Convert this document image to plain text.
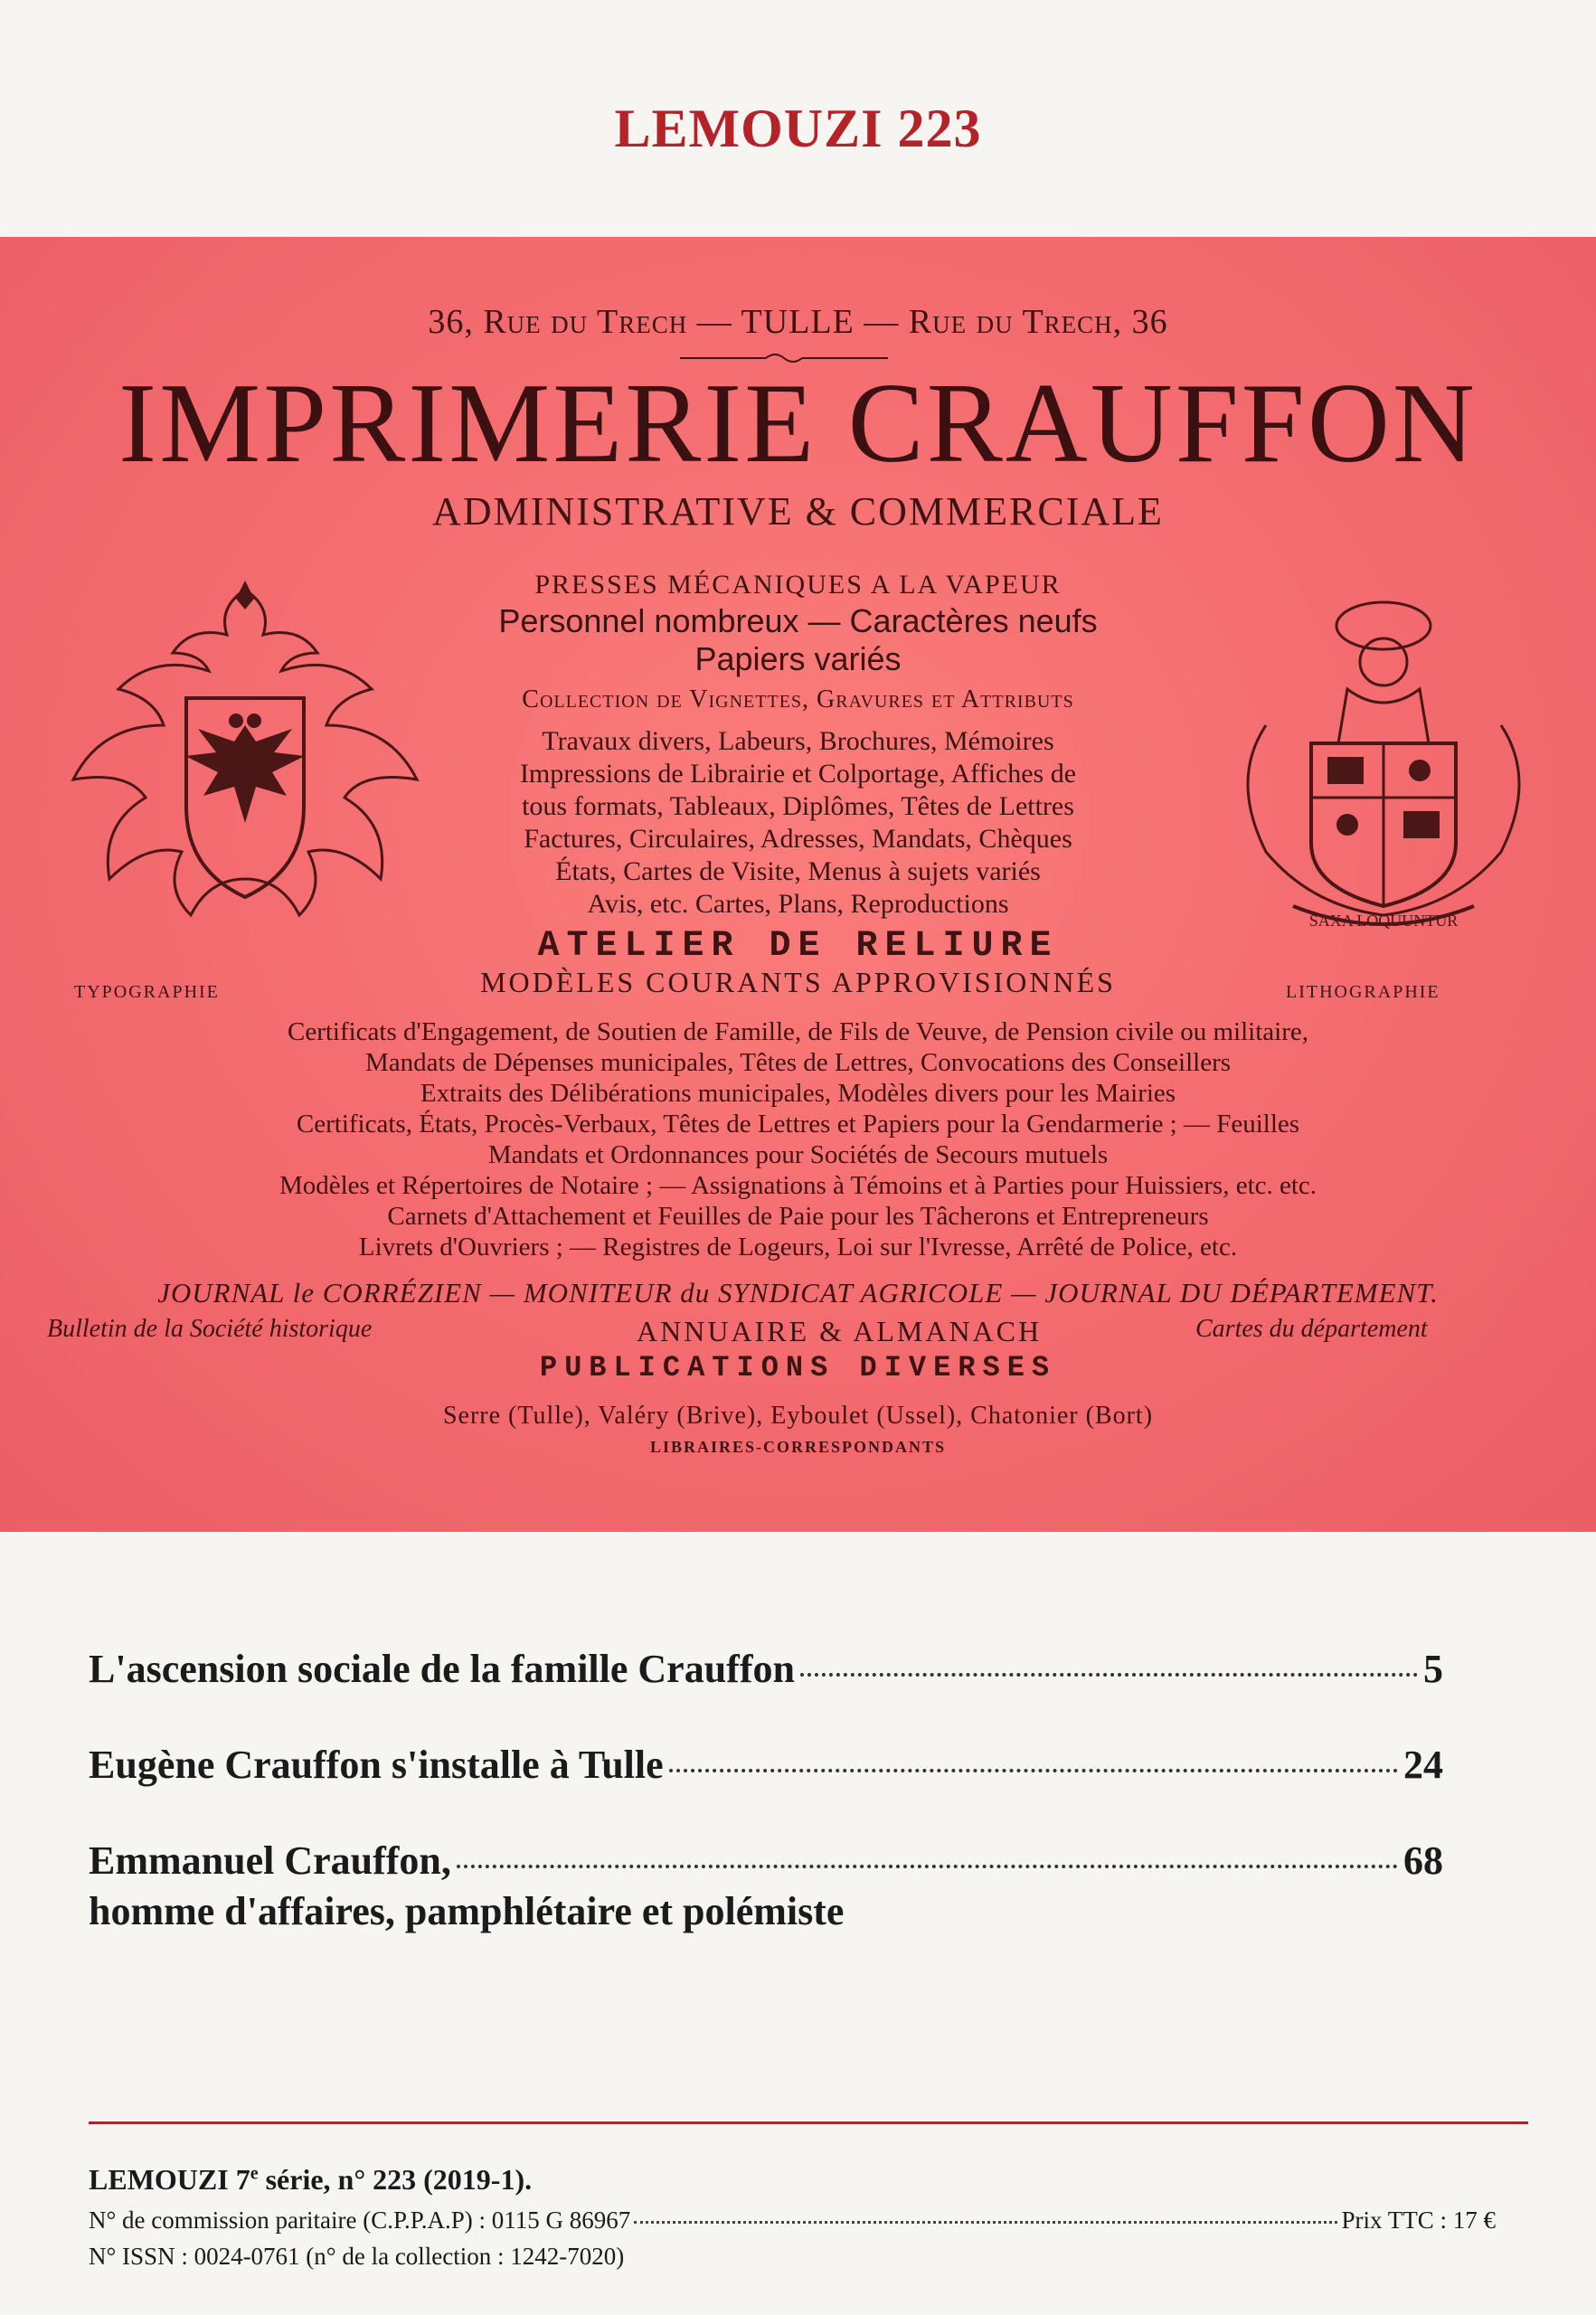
LEMOUZI 223
36, Rue du Trech — TULLE — Rue du Trech, 36
IMPRIMERIE CRAUFFON
ADMINISTRATIVE & COMMERCIALE
PRESSES MÉCANIQUES A LA VAPEUR
Personnel nombreux — Caractères neufs
Papiers variés
Collection de Vignettes, Gravures et Attributs
Travaux divers, Labeurs, Brochures, Mémoires
Impressions de Librairie et Colportage, Affiches de
tous formats, Tableaux, Diplômes, Têtes de Lettres
Factures, Circulaires, Adresses, Mandats, Chèques
États, Cartes de Visite, Menus à sujets variés
Avis, etc. Cartes, Plans, Reproductions
SAXA LOQUUNTUR
ATELIER DE RELIURE
MODÈLES COURANTS APPROVISIONNÉS
TYPOGRAPHIE	LITHOGRAPHIE
Certificats d'Engagement, de Soutien de Famille, de Fils de Veuve, de Pension civile ou militaire,
Mandats de Dépenses municipales, Têtes de Lettres, Convocations des Conseillers
Extraits des Délibérations municipales, Modèles divers pour les Mairies
Certificats, États, Procès-Verbaux, Têtes de Lettres et Papiers pour la Gendarmerie ; — Feuilles
Mandats et Ordonnances pour Sociétés de Secours mutuels
Modèles et Répertoires de Notaire ; — Assignations à Témoins et à Parties pour Huissiers, etc. etc.
Carnets d'Attachement et Feuilles de Paie pour les Tâcherons et Entrepreneurs
Livrets d'Ouvriers ; — Registres de Logeurs, Loi sur l'Ivresse, Arrêté de Police, etc.
JOURNAL le CORRÉZIEN — MONITEUR du SYNDICAT AGRICOLE — JOURNAL DU DÉPARTEMENT.
Bulletin de la Société historique	ANNUAIRE & ALMANACH	Cartes du département
PUBLICATIONS DIVERSES
Serre (Tulle), Valéry (Brive), Eyboulet (Ussel), Chatonier (Bort)
LIBRAIRES-CORRESPONDANTS
L'ascension sociale de la famille Crauffon	5
Eugène Crauffon s'installe à Tulle	24
Emmanuel Crauffon,	68
homme d'affaires, pamphlétaire et polémiste
LEMOUZI 7e série, n° 223 (2019-1).
N° de commission paritaire (C.P.P.A.P) : 0115 G 86967	Prix TTC : 17 €
N° ISSN : 0024-0761 (n° de la collection : 1242-7020)
